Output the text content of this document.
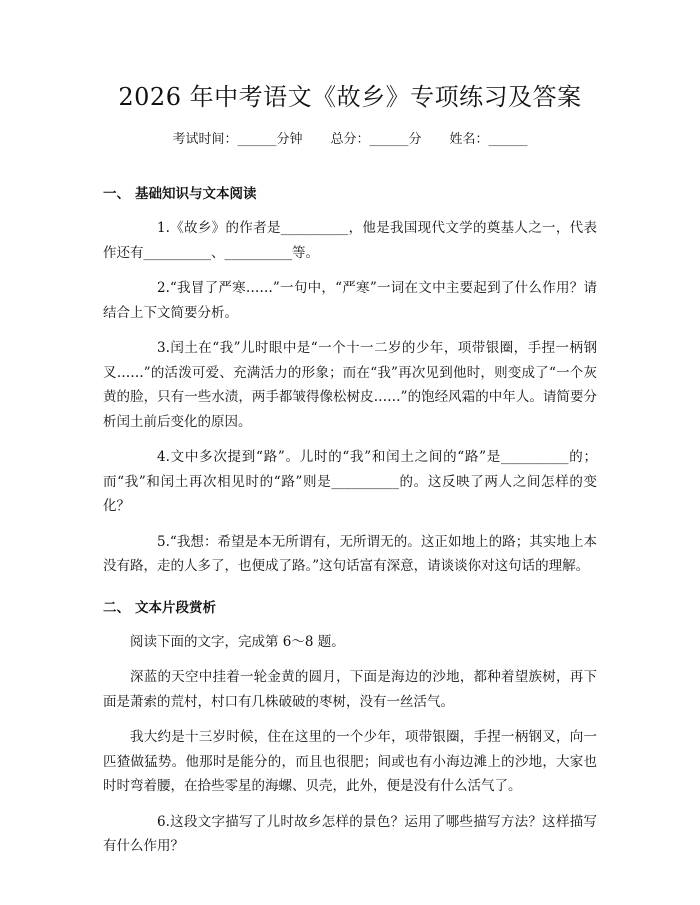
2026 年中考语文《故乡》专项练习及答案
考试时间：______分钟 总分：______分 姓名：______
一、 基础知识与文本阅读

1.《故乡》的作者是__________，他是我国现代文学的奠基人之一，代表作还有__________、__________等。

2.“我冒了严寒……”一句中，“严寒”一词在文中主要起到了什么作用？请结合上下文简要分析。

3.闰土在“我”儿时眼中是“一个十一二岁的少年，项带银圈，手捏一柄钢叉……”的活泼可爱、充满活力的形象；而在“我”再次见到他时，则变成了“一个灰黄的脸，只有一些水渍，两手都皱得像松树皮……”的饱经风霜的中年人。请简要分析闰土前后变化的原因。

4.文中多次提到“路”。儿时的“我”和闰土之间的“路”是__________的；而“我”和闰土再次相见时的“路”则是__________的。这反映了两人之间怎样的变化？

5.“我想：希望是本无所谓有，无所谓无的。这正如地上的路；其实地上本没有路，走的人多了，也便成了路。”这句话富有深意，请谈谈你对这句话的理解。

二、 文本片段赏析

阅读下面的文字，完成第 6～8 题。

深蓝的天空中挂着一轮金黄的圆月，下面是海边的沙地，都种着望族树，再下面是萧索的荒村，村口有几株破破的枣树，没有一丝活气。

我大约是十三岁时候，住在这里的一个少年，项带银圈，手捏一柄钢叉，向一匹猹做猛势。他那时是能分的，而且也很肥；间或也有小海边滩上的沙地，大家也时时弯着腰，在拾些零星的海螺、贝壳，此外，便是没有什么活气了。

6.这段文字描写了儿时故乡怎样的景色？运用了哪些描写方法？这样描写有什么作用？
